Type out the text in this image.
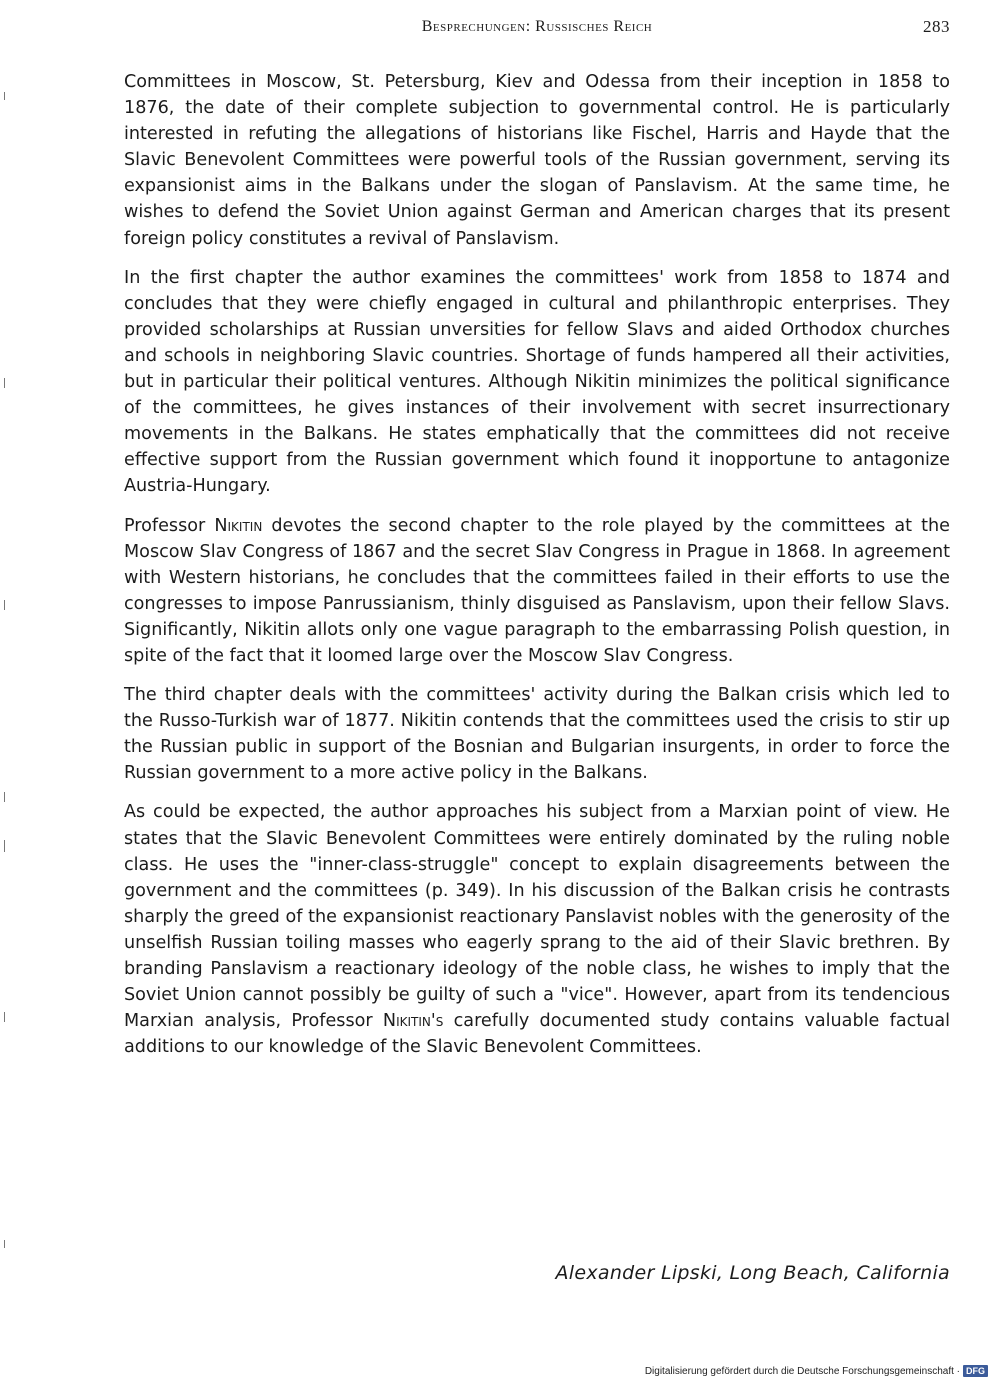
Besprechungen: Russisches Reich	283

Committees in Moscow, St. Petersburg, Kiev and Odessa from their inception in 1858 to 1876, the date of their complete subjection to governmental control. He is particularly interested in refuting the allegations of historians like Fischel, Harris and Hayde that the Slavic Benevolent Committees were powerful tools of the Russian government, serving its expansionist aims in the Balkans under the slogan of Panslavism. At the same time, he wishes to defend the Soviet Union against German and American charges that its present foreign policy constitutes a revival of Panslavism.

In the first chapter the author examines the committees' work from 1858 to 1874 and concludes that they were chiefly engaged in cultural and philanthropic enterprises. They provided scholarships at Russian unversities for fellow Slavs and aided Orthodox churches and schools in neighboring Slavic countries. Shortage of funds hampered all their activities, but in particular their political ventures. Although Nikitin minimizes the political significance of the committees, he gives instances of their involvement with secret insurrectionary movements in the Balkans. He states emphatically that the committees did not receive effective support from the Russian government which found it inopportune to antagonize Austria-Hungary.

Professor Nikitin devotes the second chapter to the role played by the committees at the Moscow Slav Congress of 1867 and the secret Slav Congress in Prague in 1868. In agreement with Western historians, he concludes that the committees failed in their efforts to use the congresses to impose Panrussianism, thinly disguised as Panslavism, upon their fellow Slavs. Significantly, Nikitin allots only one vague paragraph to the embarrassing Polish question, in spite of the fact that it loomed large over the Moscow Slav Congress.

The third chapter deals with the committees' activity during the Balkan crisis which led to the Russo-Turkish war of 1877. Nikitin contends that the committees used the crisis to stir up the Russian public in support of the Bosnian and Bulgarian insurgents, in order to force the Russian government to a more active policy in the Balkans.

As could be expected, the author approaches his subject from a Marxian point of view. He states that the Slavic Benevolent Committees were entirely dominated by the ruling noble class. He uses the "inner-class-struggle" concept to explain disagreements between the government and the committees (p. 349). In his discussion of the Balkan crisis he contrasts sharply the greed of the expansionist reactionary Panslavist nobles with the generosity of the unselfish Russian toiling masses who eagerly sprang to the aid of their Slavic brethren. By branding Panslavism a reactionary ideology of the noble class, he wishes to imply that the Soviet Union cannot possibly be guilty of such a "vice". However, apart from its tendencious Marxian analysis, Professor Nikitin's carefully documented study contains valuable factual additions to our knowledge of the Slavic Benevolent Committees.

Alexander Lipski, Long Beach, California
Digitalisierung gefördert durch die Deutsche Forschungsgemeinschaft · DFG
